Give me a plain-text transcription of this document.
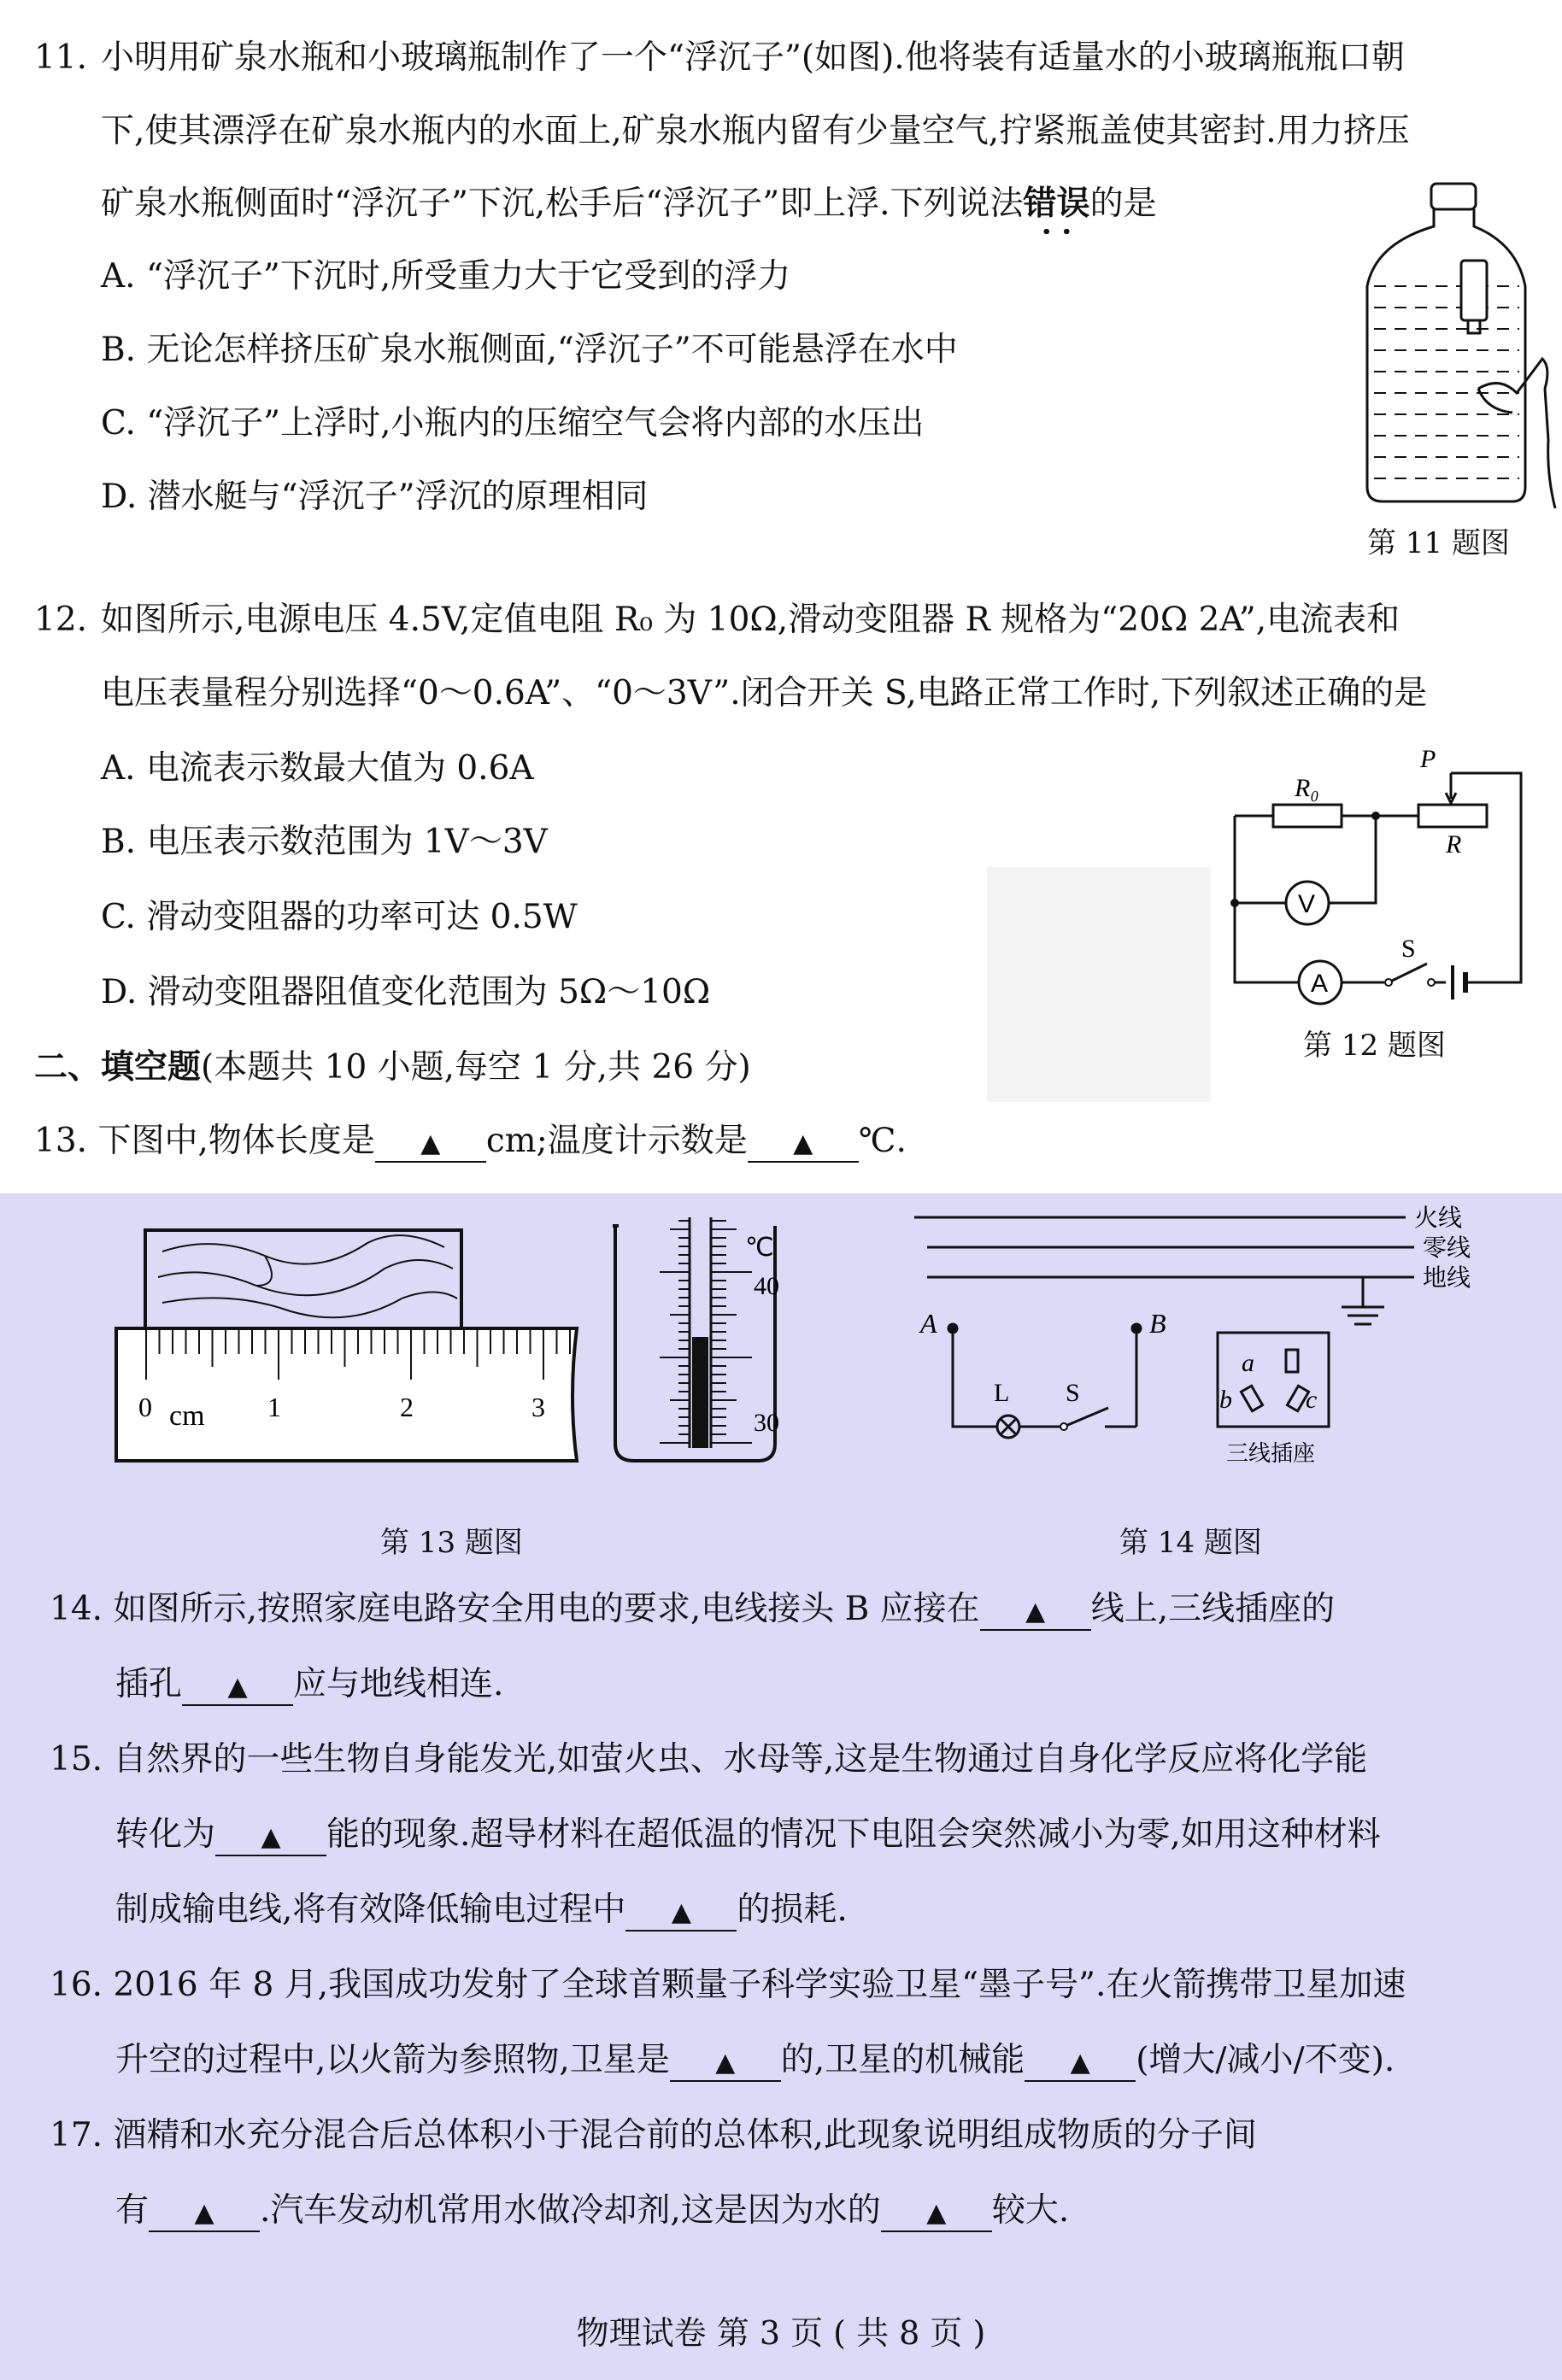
11. 小明用矿泉水瓶和小玻璃瓶制作了一个“浮沉子”(如图).他将装有适量水的小玻璃瓶瓶口朝
下,使其漂浮在矿泉水瓶内的水面上,矿泉水瓶内留有少量空气,拧紧瓶盖使其密封.用力挤压
矿泉水瓶侧面时“浮沉子”下沉,松手后“浮沉子”即上浮.下列说法错误的是
A. “浮沉子”下沉时,所受重力大于它受到的浮力
B. 无论怎样挤压矿泉水瓶侧面,“浮沉子”不可能悬浮在水中
C. “浮沉子”上浮时,小瓶内的压缩空气会将内部的水压出
D. 潜水艇与“浮沉子”浮沉的原理相同
第 11 题图
12. 如图所示,电源电压 4.5V,定值电阻 R₀ 为 10Ω,滑动变阻器 R 规格为“20Ω 2A”,电流表和
电压表量程分别选择“0～0.6A”、“0～3V”.闭合开关 S,电路正常工作时,下列叙述正确的是
A. 电流表示数最大值为 0.6A
B. 电压表示数范围为 1V～3V
C. 滑动变阻器的功率可达 0.5W
D. 滑动变阻器阻值变化范围为 5Ω～10Ω
R₀
P
R
V
A
S
第 12 题图
二、填空题(本题共 10 小题,每空 1 分,共 26 分)
13. 下图中,物体长度是 ▲ cm;温度计示数是 ▲ ℃.
0 cm 1	2	3
℃
40
30
第 13 题图
火线
零线
地线
A	B
L S
a
b	c
三线插座
第 14 题图
14. 如图所示,按照家庭电路安全用电的要求,电线接头 B 应接在 ▲ 线上,三线插座的
插孔 ▲ 应与地线相连.
15. 自然界的一些生物自身能发光,如萤火虫、水母等,这是生物通过自身化学反应将化学能
转化为 ▲ 能的现象.超导材料在超低温的情况下电阻会突然减小为零,如用这种材料
制成输电线,将有效降低输电过程中 ▲ 的损耗.
16. 2016 年 8 月,我国成功发射了全球首颗量子科学实验卫星“墨子号”.在火箭携带卫星加速
升空的过程中,以火箭为参照物,卫星是 ▲ 的,卫星的机械能 ▲ (增大/减小/不变).
17. 酒精和水充分混合后总体积小于混合前的总体积,此现象说明组成物质的分子间
有 ▲ .汽车发动机常用水做冷却剂,这是因为水的 ▲ 较大.
物理试卷 第 3 页 ( 共 8 页 )
